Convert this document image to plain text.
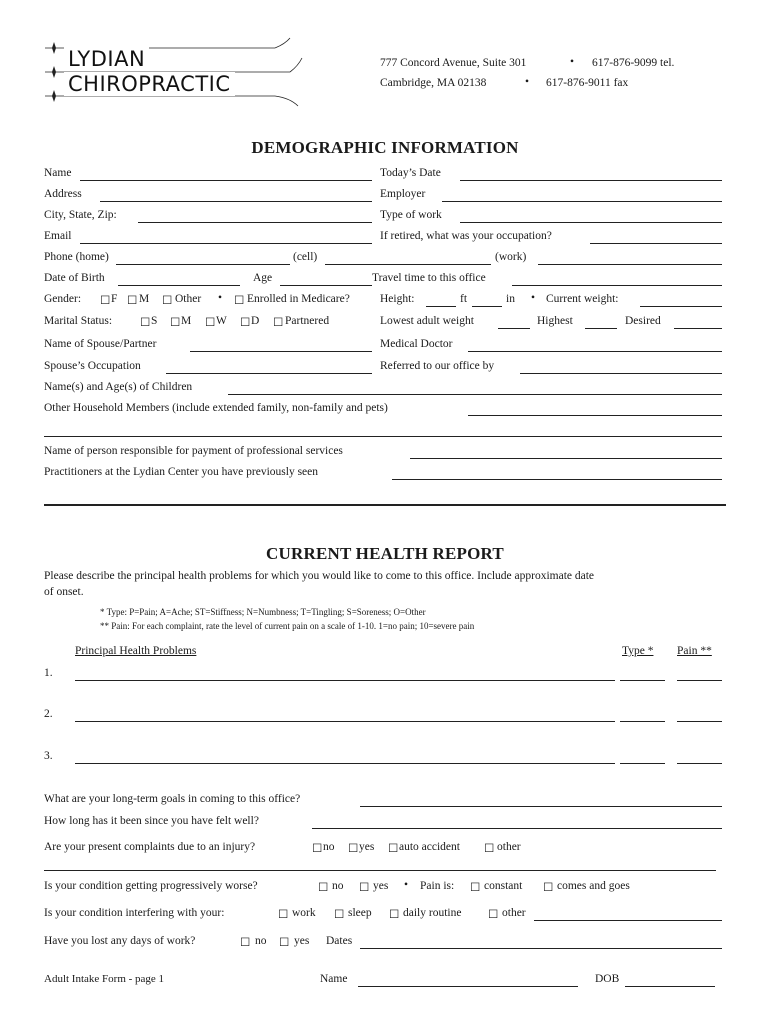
LYDIAN
CHIROPRACTIC
777 Concord Avenue, Suite 301	• 617-876-9099 tel.
Cambridge, MA 02138	• 617-876-9011 fax
DEMOGRAPHIC INFORMATION
Name	Today’s Date
Address	Employer
City, State, Zip:	Type of work
Email	If retired, what was your occupation?
Phone (home)	(cell)	(work)
Date of Birth	Age	Travel time to this office
Gender: ☐ F ☐ M ☐ Other • ☐ Enrolled in Medicare?	Height:	ft	in • Current weight:
Marital Status: ☐ S ☐ M ☐ W ☐ D ☐ Partnered	Lowest adult weight	Highest	Desired
Name of Spouse/Partner	Medical Doctor
Spouse’s Occupation	Referred to our office by
Name(s) and Age(s) of Children
Other Household Members (include extended family, non-family and pets)
Name of person responsible for payment of professional services
Practitioners at the Lydian Center you have previously seen
CURRENT HEALTH REPORT
Please describe the principal health problems for which you would like to come to this office. Include approximate date
of onset.
* Type: P=Pain; A=Ache; ST=Stiffness; N=Numbness; T=Tingling; S=Soreness; O=Other
** Pain: For each complaint, rate the level of current pain on a scale of 1-10. 1=no pain; 10=severe pain
Principal Health Problems	Type * Pain **
1.
2.
3.
What are your long-term goals in coming to this office?
How long has it been since you have felt well?
Are your present complaints due to an injury?	☐ no ☐ yes ☐ auto accident ☐ other
Is your condition getting progressively worse?	☐ no ☐ yes • Pain is: ☐ constant ☐ comes and goes
Is your condition interfering with your:	☐ work ☐ sleep ☐ daily routine ☐ other
Have you lost any days of work?	☐ no ☐ yes Dates
Adult Intake Form - page 1	Name	DOB
